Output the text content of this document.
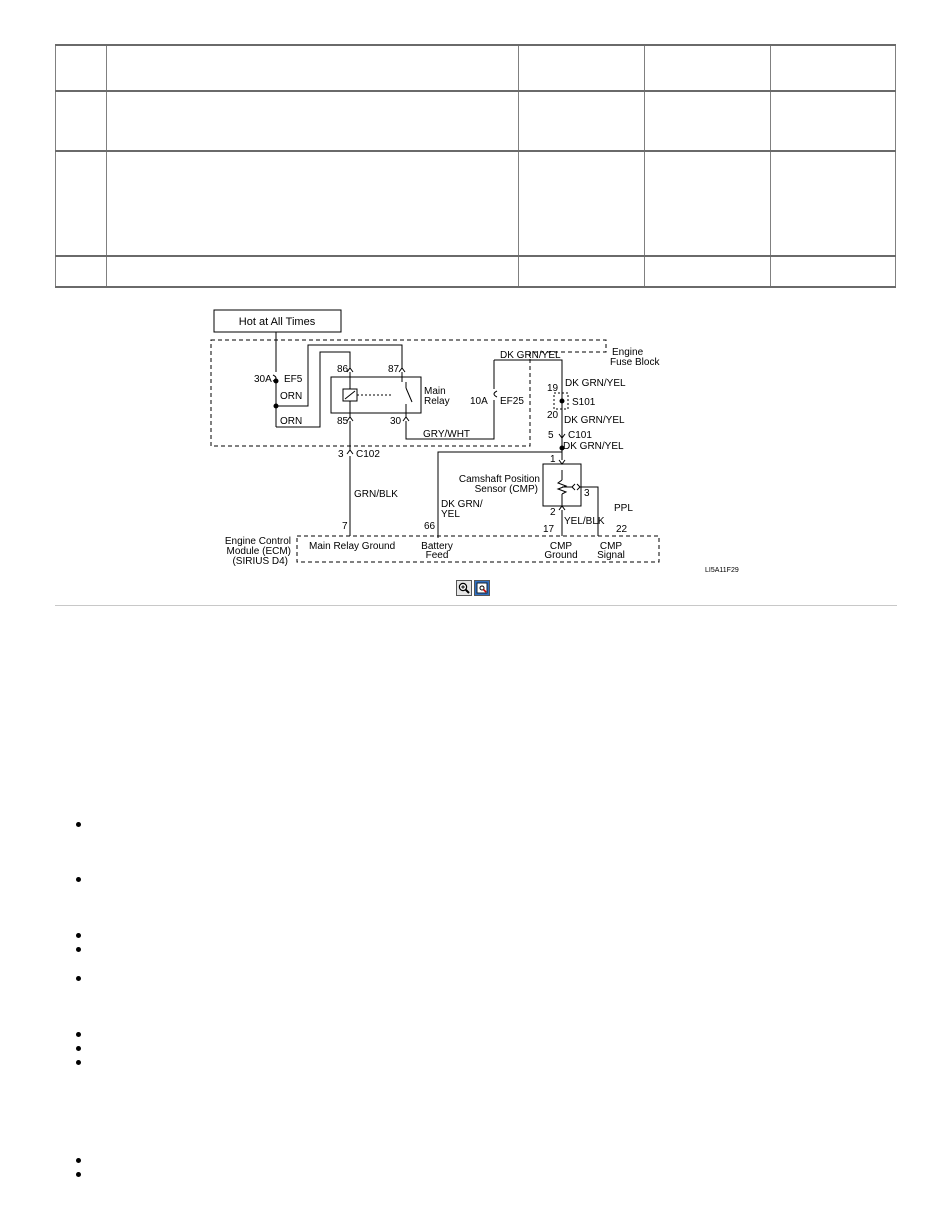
Hot at All Times
Engine
Fuse Block
30A EF5
ORN
ORN
86	87
85	30
Main
Relay
DK GRN/YEL
10A EF25
19 DK GRN/YEL
S101
20 DK GRN/YEL
5 C101
DK GRN/YEL
GRY/WHT
3 C102
GRN/BLK
Camshaft Position
Sensor (CMP)
1
2
3
PPL
DK GRN/
YEL
YEL/BLK
Engine Control
Module (ECM)
(SIRIUS D4)
7	66	17	22
Main Relay Ground	Battery
Feed
CMP
Ground
CMP
Signal
LI5A11F29
